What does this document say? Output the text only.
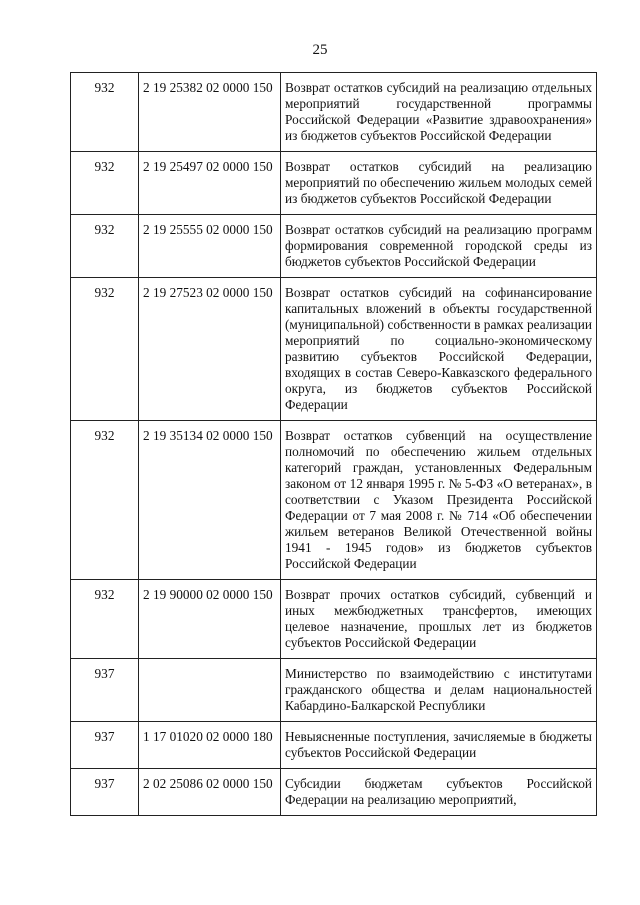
25
932	2 19 25382 02 0000 150	Возврат остатков субсидий на реализацию отдельных мероприятий государственной программы Российской Федерации «Развитие здравоохранения» из бюджетов субъектов Российской Федерации
932	2 19 25497 02 0000 150	Возврат остатков субсидий на реализацию мероприятий по обеспечению жильем молодых семей из бюджетов субъектов Российской Федерации
932	2 19 25555 02 0000 150	Возврат остатков субсидий на реализацию программ формирования современной городской среды из бюджетов субъектов Российской Федерации
932	2 19 27523 02 0000 150	Возврат остатков субсидий на софинансирование капитальных вложений в объекты государственной (муниципальной) собственности в рамках реализации мероприятий по социально-экономическому развитию субъектов Российской Федерации, входящих в состав Северо-Кавказского федерального округа, из бюджетов субъектов Российской Федерации
932	2 19 35134 02 0000 150	Возврат остатков субвенций на осуществление полномочий по обеспечению жильем отдельных категорий граждан, установленных Федеральным законом от 12 января 1995 г. № 5-ФЗ «О ветеранах», в соответствии с Указом Президента Российской Федерации от 7 мая 2008 г. № 714 «Об обеспечении жильем ветеранов Великой Отечественной войны 1941 - 1945 годов» из бюджетов субъектов Российской Федерации
932	2 19 90000 02 0000 150	Возврат прочих остатков субсидий, субвенций и иных межбюджетных трансфертов, имеющих целевое назначение, прошлых лет из бюджетов субъектов Российской Федерации
937		Министерство по взаимодействию с институтами гражданского общества и делам национальностей Кабардино-Балкарской Республики
937	1 17 01020 02 0000 180	Невыясненные поступления, зачисляемые в бюджеты субъектов Российской Федерации
937	2 02 25086 02 0000 150	Субсидии бюджетам субъектов Российской Федерации на реализацию мероприятий,
